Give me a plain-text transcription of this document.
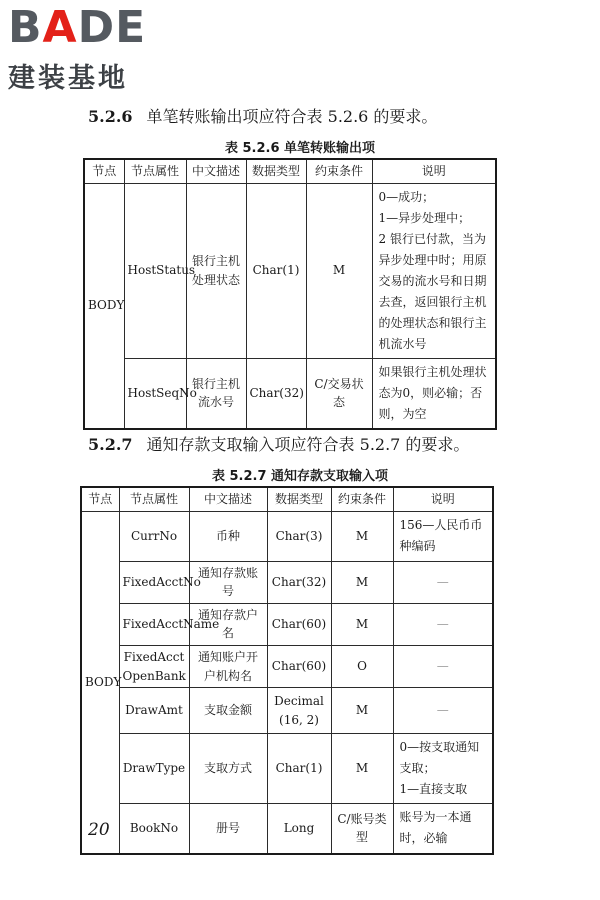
BADE
建装基地
5.2.6 单笔转账输出项应符合表 5.2.6 的要求。
表 5.2.6 单笔转账输出项
节点	节点属性	中文描述	数据类型	约束条件	说明
BODY	HostStatus	银行主机处理状态	Char(1)	M	0—成功；
1—异步处理中；
2 银行已付款，当为异步处理中时；用原交易的流水号和日期去查，返回银行主机的处理状态和银行主机流水号

	HostSeqNo	银行主机流水号	Char(32)	C/交易状态	如果银行主机处理状态为0，则必输；否则，为空
5.2.7 通知存款支取输入项应符合表 5.2.7 的要求。
表 5.2.7 通知存款支取输入项
节点	节点属性	中文描述	数据类型	约束条件	说明
BODY	CurrNo	币种	Char(3)	M	156—人民币币种编码

	FixedAcctNo	通知存款账号	Char(32)	M	—

	FixedAcctName	通知存款户名	Char(60)	M	—

	FixedAcct OpenBank	通知账户开户机构名	Char(60)	O	—

	DrawAmt	支取金额	Decimal (16, 2)	M	—

	DrawType	支取方式	Char(1)	M	0—按支取通知支取；
1—直接支取

	BookNo	册号	Long	C/账号类型	账号为一本通时，必输
20
